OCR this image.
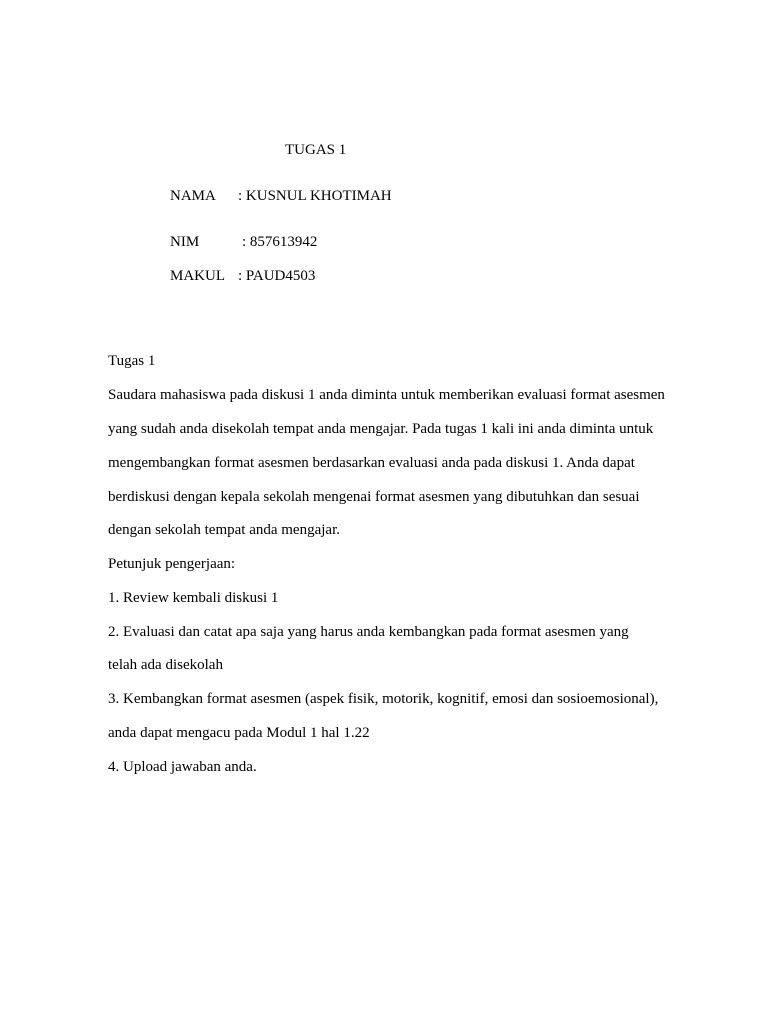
TUGAS 1
NAMA : KUSNUL KHOTIMAH
NIM	: 857613942
MAKUL : PAUD4503
Tugas 1
Saudara mahasiswa pada diskusi 1 anda diminta untuk memberikan evaluasi format asesmen
yang sudah anda disekolah tempat anda mengajar. Pada tugas 1 kali ini anda diminta untuk
mengembangkan format asesmen berdasarkan evaluasi anda pada diskusi 1. Anda dapat
berdiskusi dengan kepala sekolah mengenai format asesmen yang dibutuhkan dan sesuai
dengan sekolah tempat anda mengajar.
Petunjuk pengerjaan:
1. Review kembali diskusi 1
2. Evaluasi dan catat apa saja yang harus anda kembangkan pada format asesmen yang
telah ada disekolah
3. Kembangkan format asesmen (aspek fisik, motorik, kognitif, emosi dan sosioemosional),
anda dapat mengacu pada Modul 1 hal 1.22
4. Upload jawaban anda.
